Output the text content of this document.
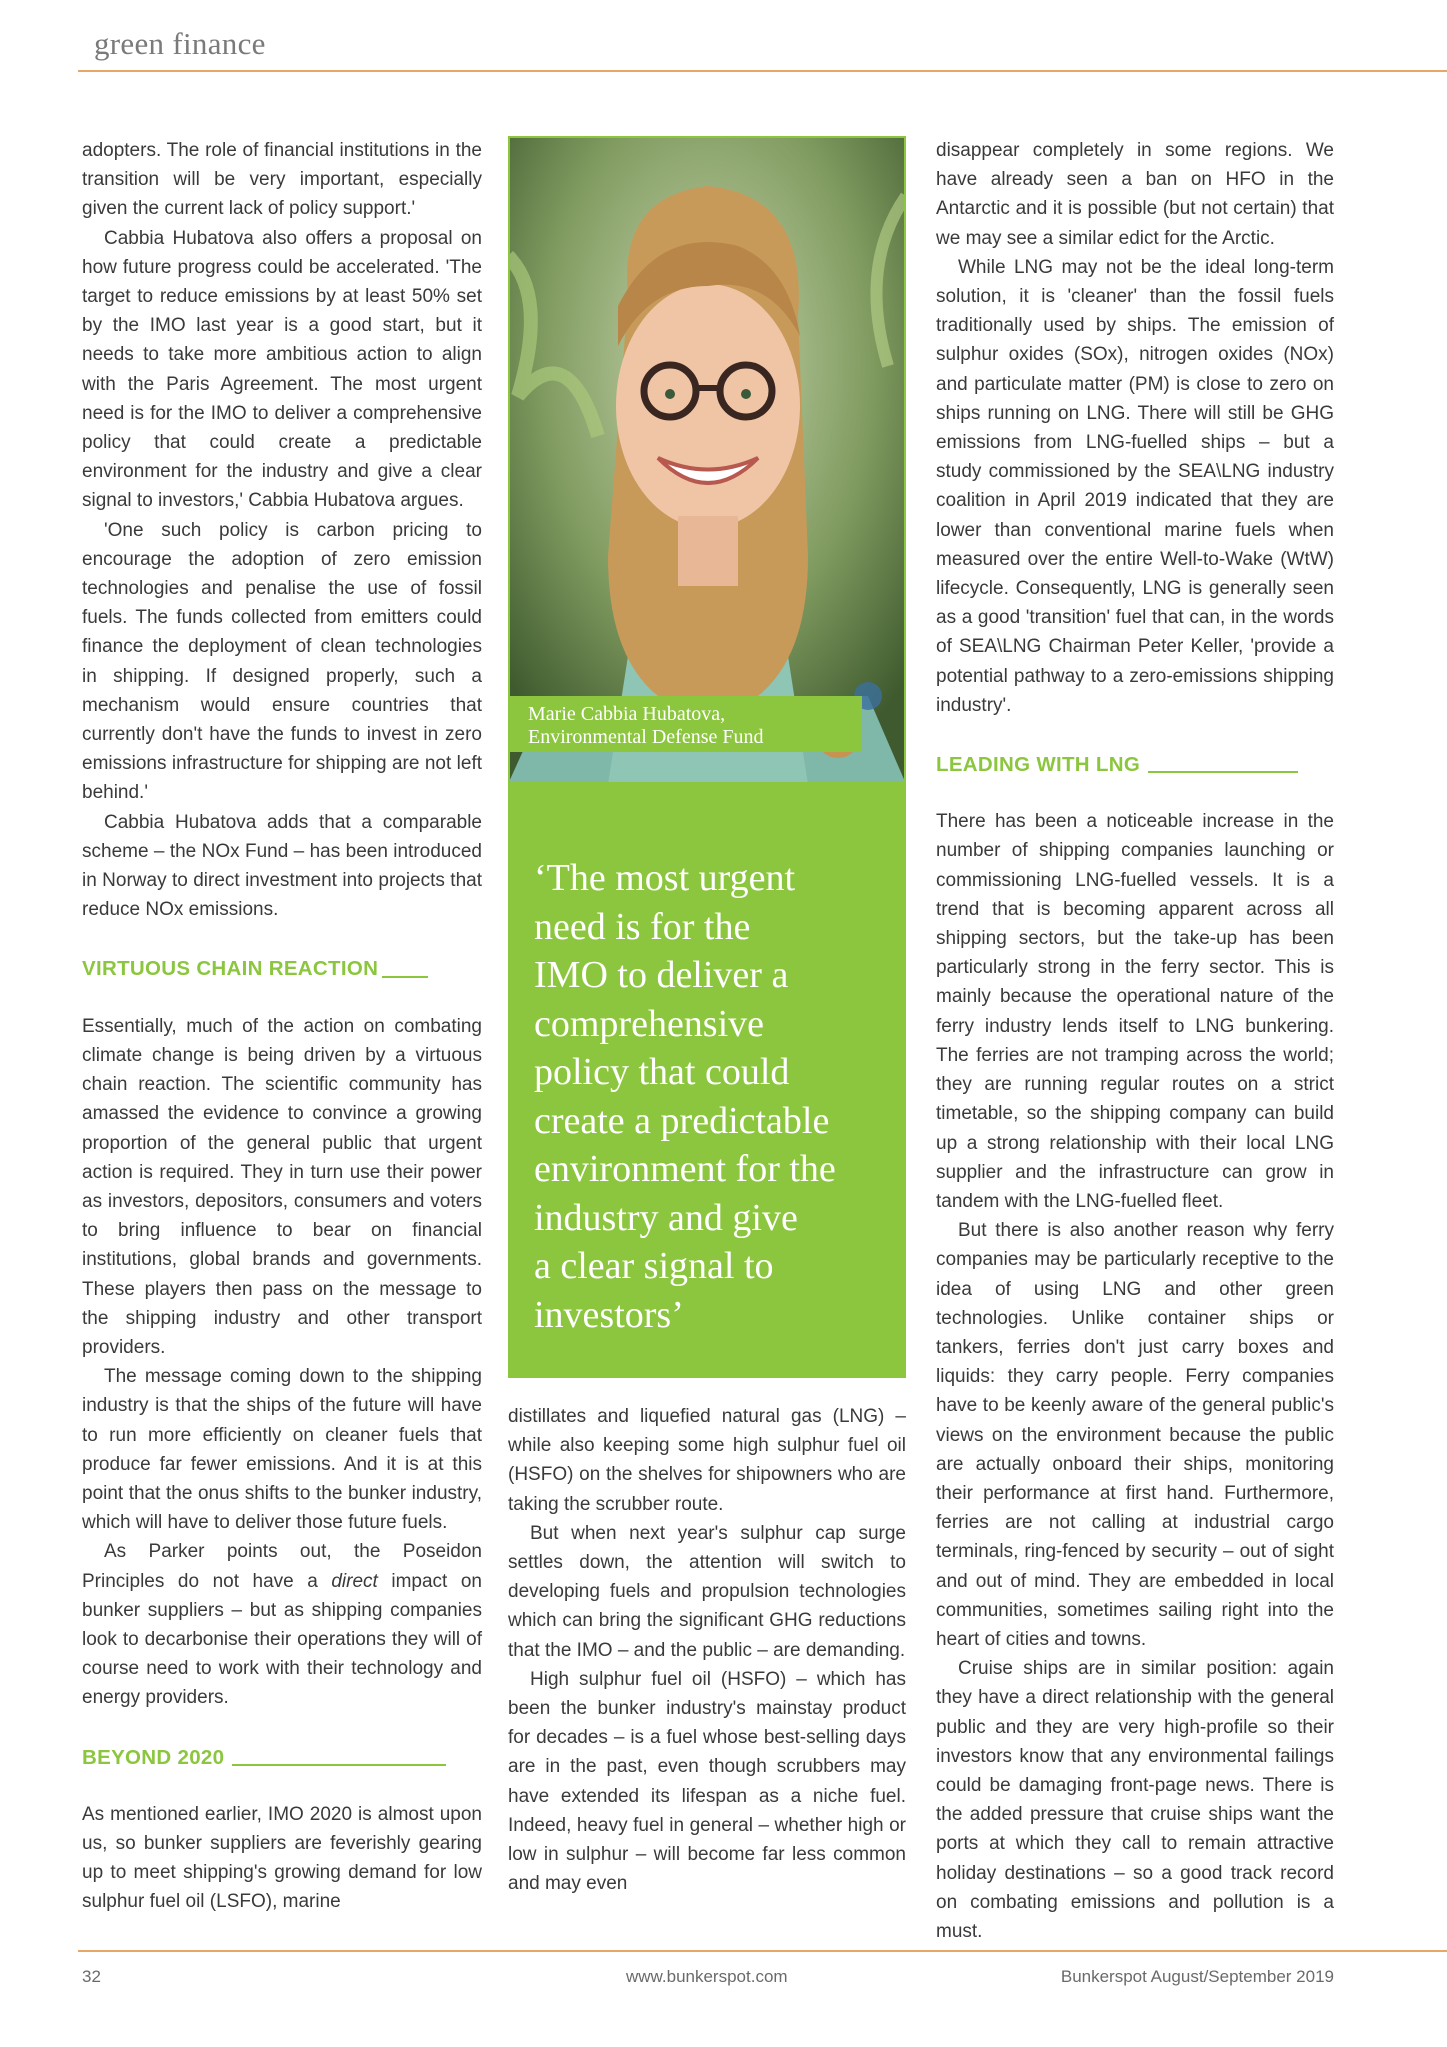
green finance

adopters. The role of financial institutions in the transition will be very important, especially given the current lack of policy support.'

Cabbia Hubatova also offers a proposal on how future progress could be accelerated. 'The target to reduce emissions by at least 50% set by the IMO last year is a good start, but it needs to take more ambitious action to align with the Paris Agreement. The most urgent need is for the IMO to deliver a comprehensive policy that could create a predictable environment for the industry and give a clear signal to investors,' Cabbia Hubatova argues.

'One such policy is carbon pricing to encourage the adoption of zero emission technologies and penalise the use of fossil fuels. The funds collected from emitters could finance the deployment of clean technologies in shipping. If designed properly, such a mechanism would ensure countries that currently don't have the funds to invest in zero emissions infrastructure for shipping are not left behind.'

Cabbia Hubatova adds that a comparable scheme – the NOx Fund – has been introduced in Norway to direct investment into projects that reduce NOx emissions.

VIRTUOUS CHAIN REACTION

Essentially, much of the action on combating climate change is being driven by a virtuous chain reaction. The scientific community has amassed the evidence to convince a growing proportion of the general public that urgent action is required. They in turn use their power as investors, depositors, consumers and voters to bring influence to bear on financial institutions, global brands and governments. These players then pass on the message to the shipping industry and other transport providers.

The message coming down to the shipping industry is that the ships of the future will have to run more efficiently on cleaner fuels that produce far fewer emissions. And it is at this point that the onus shifts to the bunker industry, which will have to deliver those future fuels.

As Parker points out, the Poseidon Principles do not have a direct impact on bunker suppliers – but as shipping companies look to decarbonise their operations they will of course need to work with their technology and energy providers.

BEYOND 2020

As mentioned earlier, IMO 2020 is almost upon us, so bunker suppliers are feverishly gearing up to meet shipping's growing demand for low sulphur fuel oil (LSFO), marine

Marie Cabbia Hubatova,
Environmental Defense Fund

‘The most urgent
need is for the
IMO to deliver a
comprehensive
policy that could
create a predictable
environment for the
industry and give
a clear signal to
investors’

distillates and liquefied natural gas (LNG) – while also keeping some high sulphur fuel oil (HSFO) on the shelves for shipowners who are taking the scrubber route.

But when next year's sulphur cap surge settles down, the attention will switch to developing fuels and propulsion technologies which can bring the significant GHG reductions that the IMO – and the public – are demanding.

High sulphur fuel oil (HSFO) – which has been the bunker industry's mainstay product for decades – is a fuel whose best-selling days are in the past, even though scrubbers may have extended its lifespan as a niche fuel. Indeed, heavy fuel in general – whether high or low in sulphur – will become far less common and may even

disappear completely in some regions. We have already seen a ban on HFO in the Antarctic and it is possible (but not certain) that we may see a similar edict for the Arctic.

While LNG may not be the ideal long-term solution, it is 'cleaner' than the fossil fuels traditionally used by ships. The emission of sulphur oxides (SOx), nitrogen oxides (NOx) and particulate matter (PM) is close to zero on ships running on LNG. There will still be GHG emissions from LNG-fuelled ships – but a study commissioned by the SEA\LNG industry coalition in April 2019 indicated that they are lower than conventional marine fuels when measured over the entire Well-to-Wake (WtW) lifecycle. Consequently, LNG is generally seen as a good 'transition' fuel that can, in the words of SEA\LNG Chairman Peter Keller, 'provide a potential pathway to a zero-emissions shipping industry'.

LEADING WITH LNG

There has been a noticeable increase in the number of shipping companies launching or commissioning LNG-fuelled vessels. It is a trend that is becoming apparent across all shipping sectors, but the take-up has been particularly strong in the ferry sector. This is mainly because the operational nature of the ferry industry lends itself to LNG bunkering. The ferries are not tramping across the world; they are running regular routes on a strict timetable, so the shipping company can build up a strong relationship with their local LNG supplier and the infrastructure can grow in tandem with the LNG-fuelled fleet.

But there is also another reason why ferry companies may be particularly receptive to the idea of using LNG and other green technologies. Unlike container ships or tankers, ferries don't just carry boxes and liquids: they carry people. Ferry companies have to be keenly aware of the general public's views on the environment because the public are actually onboard their ships, monitoring their performance at first hand. Furthermore, ferries are not calling at industrial cargo terminals, ring-fenced by security – out of sight and out of mind. They are embedded in local communities, sometimes sailing right into the heart of cities and towns.

Cruise ships are in similar position: again they have a direct relationship with the general public and they are very high-profile so their investors know that any environmental failings could be damaging front-page news. There is the added pressure that cruise ships want the ports at which they call to remain attractive holiday destinations – so a good track record on combating emissions and pollution is a must.

32	www.bunkerspot.com	Bunkerspot August/September 2019
